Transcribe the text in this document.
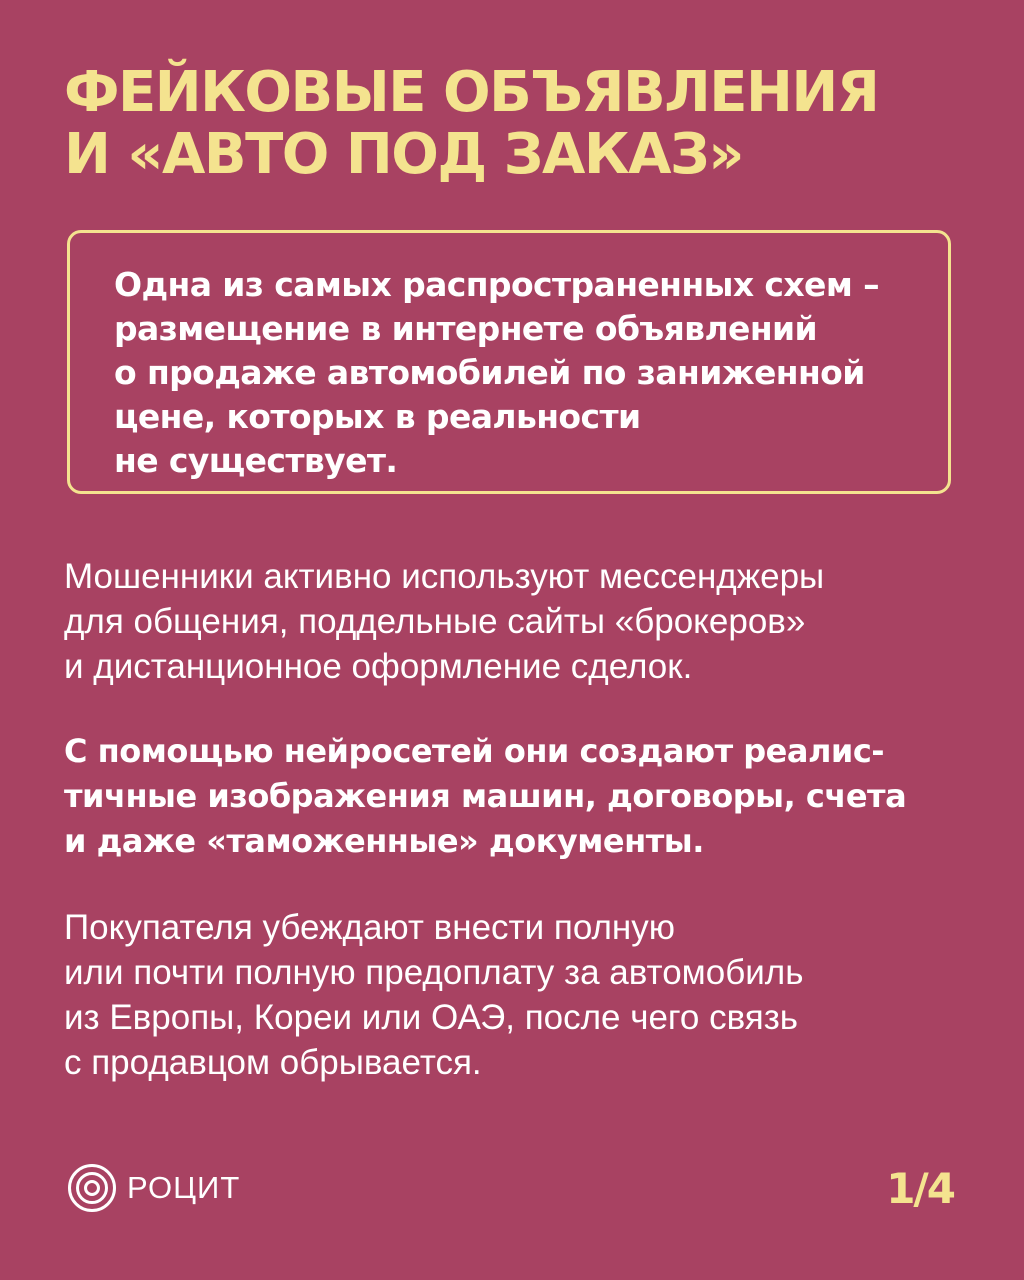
ФЕЙКОВЫЕ ОБЪЯВЛЕНИЯ
И «АВТО ПОД ЗАКАЗ»

Одна из самых распространенных схем –
размещение в интернете объявлений
о продаже автомобилей по заниженной
цене, которых в реальности
не существует.

Мошенники активно используют мессенджеры
для общения, поддельные сайты «брокеров»
и дистанционное оформление сделок.

С помощью нейросетей они создают реалис-
тичные изображения машин, договоры, счета
и даже «таможенные» документы.

Покупателя убеждают внести полную
или почти полную предоплату за автомобиль
из Европы, Кореи или ОАЭ, после чего связь
с продавцом обрывается.

РОЦИТ	1/4
